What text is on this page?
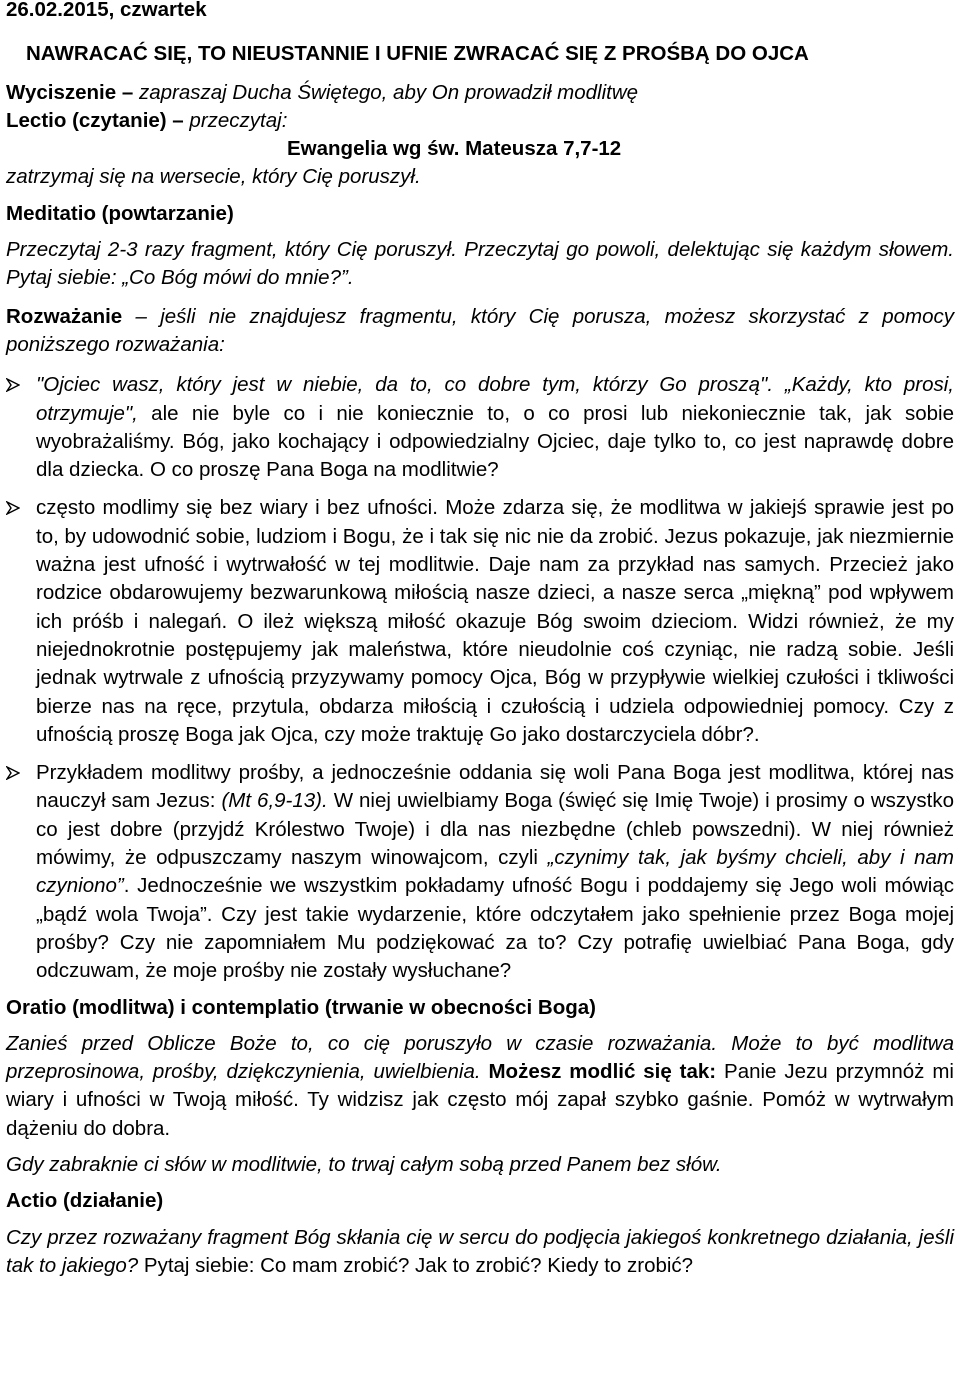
26.02.2015, czwartek

NAWRACAĆ SIĘ, TO NIEUSTANNIE I UFNIE ZWRACAĆ SIĘ Z PROŚBĄ DO OJCA

Wyciszenie – zapraszaj Ducha Świętego, aby On prowadził modlitwę

Lectio (czytanie) – przeczytaj:

Ewangelia wg św. Mateusza 7,7-12

zatrzymaj się na wersecie, który Cię poruszył.

Meditatio (powtarzanie)

Przeczytaj 2-3 razy fragment, który Cię poruszył. Przeczytaj go powoli, delektując się każdym słowem. Pytaj siebie: „Co Bóg mówi do mnie?”.

Rozważanie – jeśli nie znajdujesz fragmentu, który Cię porusza, możesz skorzystać z pomocy poniższego rozważania:

"Ojciec wasz, który jest w niebie, da to, co dobre tym, którzy Go proszą". „Każdy, kto prosi, otrzymuje", ale nie byle co i nie koniecznie to, o co prosi lub niekoniecznie tak, jak sobie wyobrażaliśmy. Bóg, jako kochający i odpowiedzialny Ojciec, daje tylko to, co jest naprawdę dobre dla dziecka. O co proszę Pana Boga na modlitwie?
często modlimy się bez wiary i bez ufności. Może zdarza się, że modlitwa w jakiejś sprawie jest po to, by udowodnić sobie, ludziom i Bogu, że i tak się nic nie da zrobić. Jezus pokazuje, jak niezmiernie ważna jest ufność i wytrwałość w tej modlitwie. Daje nam za przykład nas samych. Przecież jako rodzice obdarowujemy bezwarunkową miłością nasze dzieci, a nasze serca „miękną” pod wpływem ich próśb i nalegań. O ileż większą miłość okazuje Bóg swoim dzieciom. Widzi również, że my niejednokrotnie postępujemy jak maleństwa, które nieudolnie coś czyniąc, nie radzą sobie. Jeśli jednak wytrwale z ufnością przyzywamy pomocy Ojca, Bóg w przypływie wielkiej czułości i tkliwości bierze nas na ręce, przytula, obdarza miłością i czułością i udziela odpowiedniej pomocy. Czy z ufnością proszę Boga jak Ojca, czy może traktuję Go jako dostarczyciela dóbr?.
Przykładem modlitwy prośby, a jednocześnie oddania się woli Pana Boga jest modlitwa, której nas nauczył sam Jezus: (Mt 6,9-13). W niej uwielbiamy Boga (święć się Imię Twoje) i prosimy o wszystko co jest dobre (przyjdź Królestwo Twoje) i dla nas niezbędne (chleb powszedni). W niej również mówimy, że odpuszczamy naszym winowajcom, czyli „czynimy tak, jak byśmy chcieli, aby i nam czyniono”. Jednocześnie we wszystkim pokładamy ufność Bogu i poddajemy się Jego woli mówiąc „bądź wola Twoja”. Czy jest takie wydarzenie, które odczytałem jako spełnienie przez Boga mojej prośby? Czy nie zapomniałem Mu podziękować za to? Czy potrafię uwielbiać Pana Boga, gdy odczuwam, że moje prośby nie zostały wysłuchane?

Oratio (modlitwa) i contemplatio (trwanie w obecności Boga)

Zanieś przed Oblicze Boże to, co cię poruszyło w czasie rozważania. Może to być modlitwa przeprosinowa, prośby, dziękczynienia, uwielbienia. Możesz modlić się tak: Panie Jezu przymnóż mi wiary i ufności w Twoją miłość. Ty widzisz jak często mój zapał szybko gaśnie. Pomóż w wytrwałym dążeniu do dobra.

Gdy zabraknie ci słów w modlitwie, to trwaj całym sobą przed Panem bez słów.

Actio (działanie)

Czy przez rozważany fragment Bóg skłania cię w sercu do podjęcia jakiegoś konkretnego działania, jeśli tak to jakiego? Pytaj siebie: Co mam zrobić? Jak to zrobić? Kiedy to zrobić?
